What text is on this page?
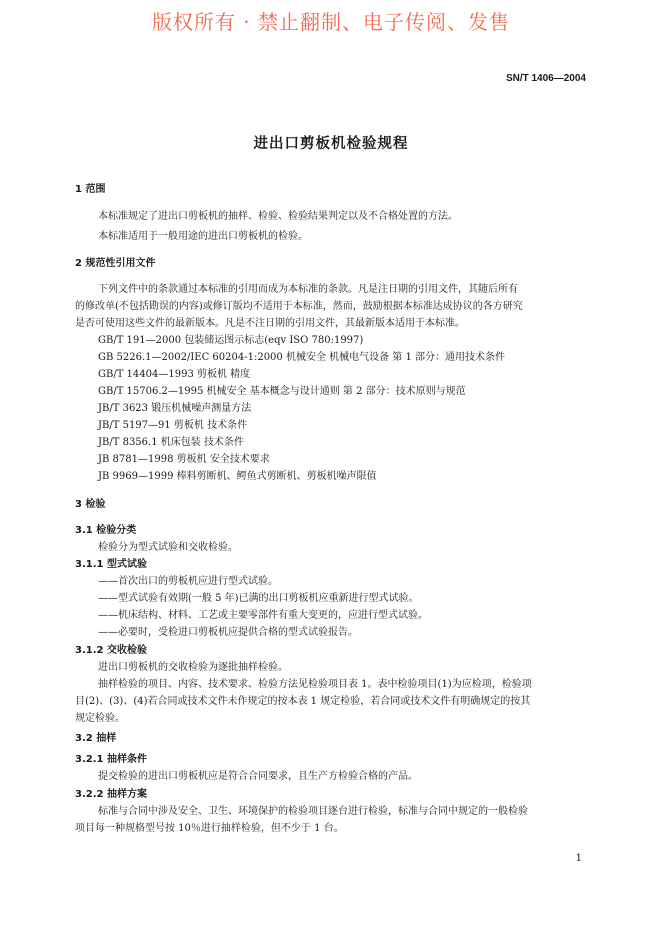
版权所有 · 禁止翻制、电子传阅、发售
SN/T 1406—2004
进出口剪板机检验规程
1 范围
本标准规定了进出口剪板机的抽样、检验、检验结果判定以及不合格处置的方法。
本标准适用于一般用途的进出口剪板机的检验。
2 规范性引用文件
下列文件中的条款通过本标准的引用而成为本标准的条款。凡是注日期的引用文件，其随后所有
的修改单(不包括勘误的内容)或修订版均不适用于本标准，然而，鼓励根据本标准达成协议的各方研究
是否可使用这些文件的最新版本。凡是不注日期的引用文件，其最新版本适用于本标准。
GB/T 191—2000 包装储运图示标志(eqv ISO 780:1997)
GB 5226.1—2002/IEC 60204-1:2000 机械安全 机械电气设备 第 1 部分：通用技术条件
GB/T 14404—1993 剪板机 精度
GB/T 15706.2—1995 机械安全 基本概念与设计通则 第 2 部分：技术原则与规范
JB/T 3623 锻压机械噪声测量方法
JB/T 5197—91 剪板机 技术条件
JB/T 8356.1 机床包装 技术条件
JB 8781—1998 剪板机 安全技术要求
JB 9969—1999 棒料剪断机、鳄鱼式剪断机、剪板机噪声限值
3 检验
3.1 检验分类
检验分为型式试验和交收检验。
3.1.1 型式试验
——首次出口的剪板机应进行型式试验。
——型式试验有效期(一般 5 年)已满的出口剪板机应重新进行型式试验。
——机床结构、材料、工艺或主要零部件有重大变更的，应进行型式试验。
——必要时，受检进口剪板机应提供合格的型式试验报告。
3.1.2 交收检验
进出口剪板机的交收检验为逐批抽样检验。
抽样检验的项目、内容、技术要求、检验方法见检验项目表 1。表中检验项目(1)为应检项，检验项
目(2)、(3)、(4)若合同或技术文件未作规定的按本表 1 规定检验，若合同或技术文件有明确规定的按其
规定检验。
3.2 抽样
3.2.1 抽样条件
提交检验的进出口剪板机应是符合合同要求，且生产方检验合格的产品。
3.2.2 抽样方案
标准与合同中涉及安全、卫生、环境保护的检验项目逐台进行检验，标准与合同中规定的一般检验
项目每一种规格型号按 10％进行抽样检验，但不少于 1 台。
1
